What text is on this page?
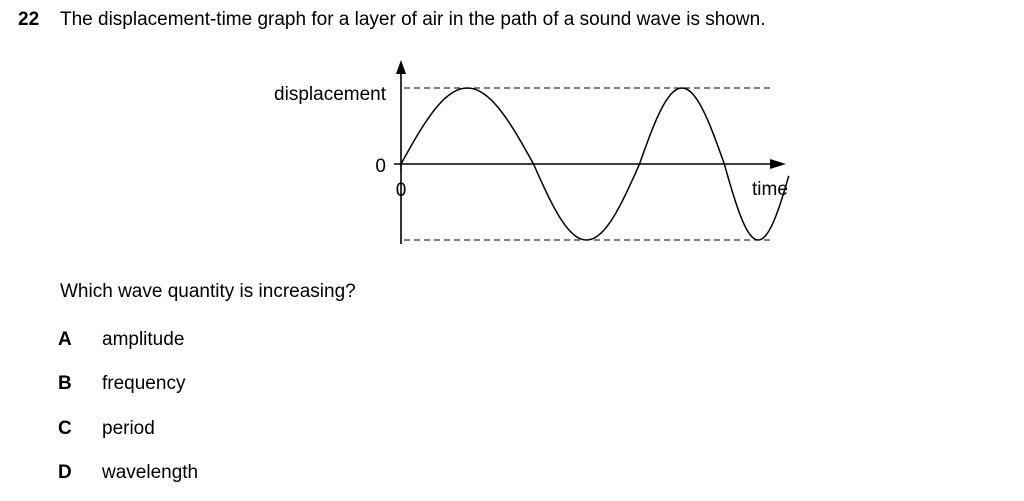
22 The displacement-time graph for a layer of air in the path of a sound wave is shown.
displacement
0
0	time
Which wave quantity is increasing?
A	amplitude
B	frequency
C	period
D	wavelength
